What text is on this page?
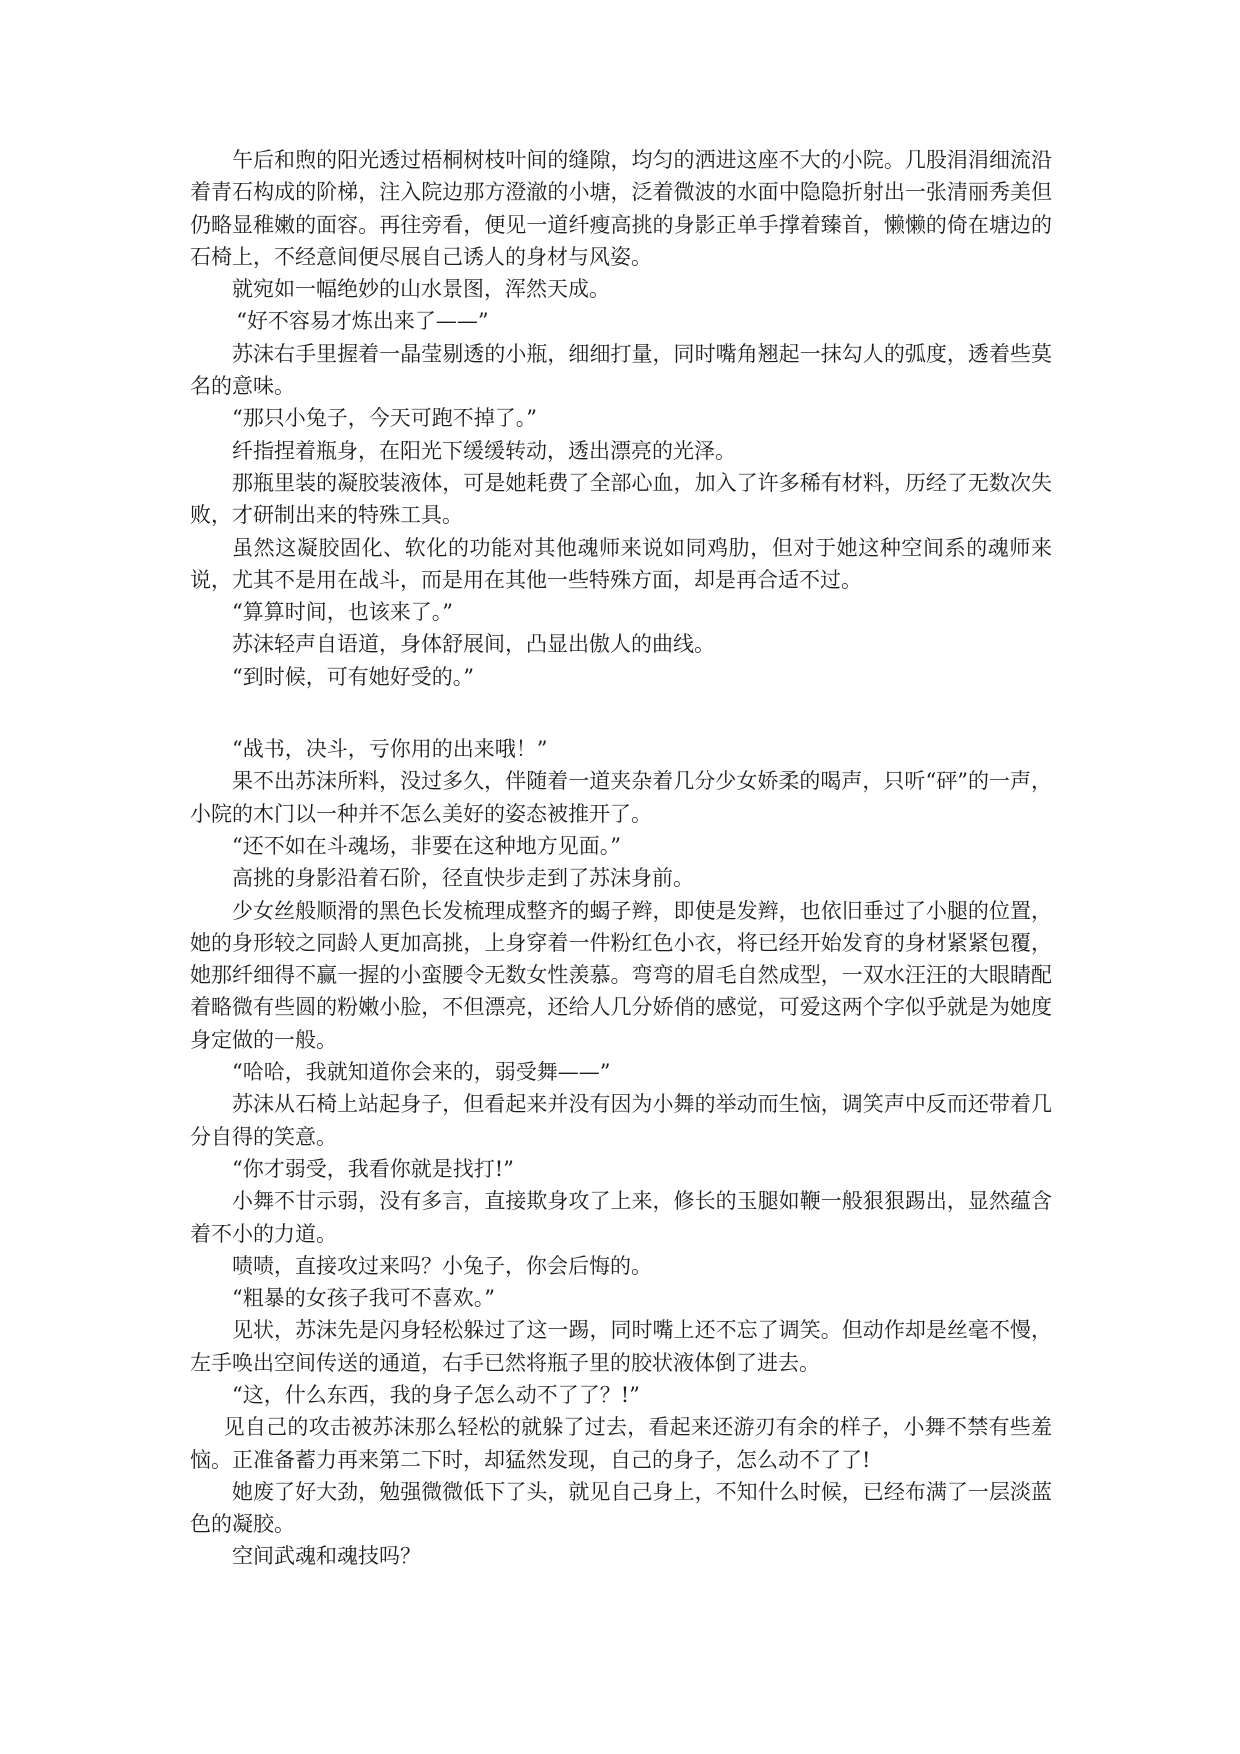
午后和煦的阳光透过梧桐树枝叶间的缝隙，均匀的洒进这座不大的小院。几股涓涓细流沿着青石构成的阶梯，注入院边那方澄澈的小塘，泛着微波的水面中隐隐折射出一张清丽秀美但仍略显稚嫩的面容。再往旁看，便见一道纤瘦高挑的身影正单手撑着臻首，懒懒的倚在塘边的石椅上，不经意间便尽展自己诱人的身材与风姿。

就宛如一幅绝妙的山水景图，浑然天成。

“好不容易才炼出来了——”

苏沫右手里握着一晶莹剔透的小瓶，细细打量，同时嘴角翘起一抹勾人的弧度，透着些莫名的意味。

“那只小兔子，今天可跑不掉了。”

纤指捏着瓶身，在阳光下缓缓转动，透出漂亮的光泽。

那瓶里装的凝胶装液体，可是她耗费了全部心血，加入了许多稀有材料，历经了无数次失败，才研制出来的特殊工具。

虽然这凝胶固化、软化的功能对其他魂师来说如同鸡肋，但对于她这种空间系的魂师来说，尤其不是用在战斗，而是用在其他一些特殊方面，却是再合适不过。

“算算时间，也该来了。”

苏沫轻声自语道，身体舒展间，凸显出傲人的曲线。

“到时候，可有她好受的。”

“战书，决斗，亏你用的出来哦！”

果不出苏沫所料，没过多久，伴随着一道夹杂着几分少女娇柔的喝声，只听“砰”的一声，小院的木门以一种并不怎么美好的姿态被推开了。

“还不如在斗魂场，非要在这种地方见面。”

高挑的身影沿着石阶，径直快步走到了苏沫身前。

少女丝般顺滑的黑色长发梳理成整齐的蝎子辫，即使是发辫，也依旧垂过了小腿的位置，她的身形较之同龄人更加高挑，上身穿着一件粉红色小衣，将已经开始发育的身材紧紧包覆，她那纤细得不赢一握的小蛮腰令无数女性羡慕。弯弯的眉毛自然成型，一双水汪汪的大眼睛配着略微有些圆的粉嫩小脸，不但漂亮，还给人几分娇俏的感觉，可爱这两个字似乎就是为她度身定做的一般。

“哈哈，我就知道你会来的，弱受舞——”

苏沫从石椅上站起身子，但看起来并没有因为小舞的举动而生恼，调笑声中反而还带着几分自得的笑意。

“你才弱受，我看你就是找打!”

小舞不甘示弱，没有多言，直接欺身攻了上来，修长的玉腿如鞭一般狠狠踢出，显然蕴含着不小的力道。

啧啧，直接攻过来吗？小兔子，你会后悔的。

“粗暴的女孩子我可不喜欢。”

见状，苏沫先是闪身轻松躲过了这一踢，同时嘴上还不忘了调笑。但动作却是丝毫不慢，左手唤出空间传送的通道，右手已然将瓶子里的胶状液体倒了进去。

“这，什么东西，我的身子怎么动不了了？!”

见自己的攻击被苏沫那么轻松的就躲了过去，看起来还游刃有余的样子，小舞不禁有些羞恼。正准备蓄力再来第二下时，却猛然发现，自己的身子，怎么动不了了!

她废了好大劲，勉强微微低下了头，就见自己身上，不知什么时候，已经布满了一层淡蓝色的凝胶。

空间武魂和魂技吗？
